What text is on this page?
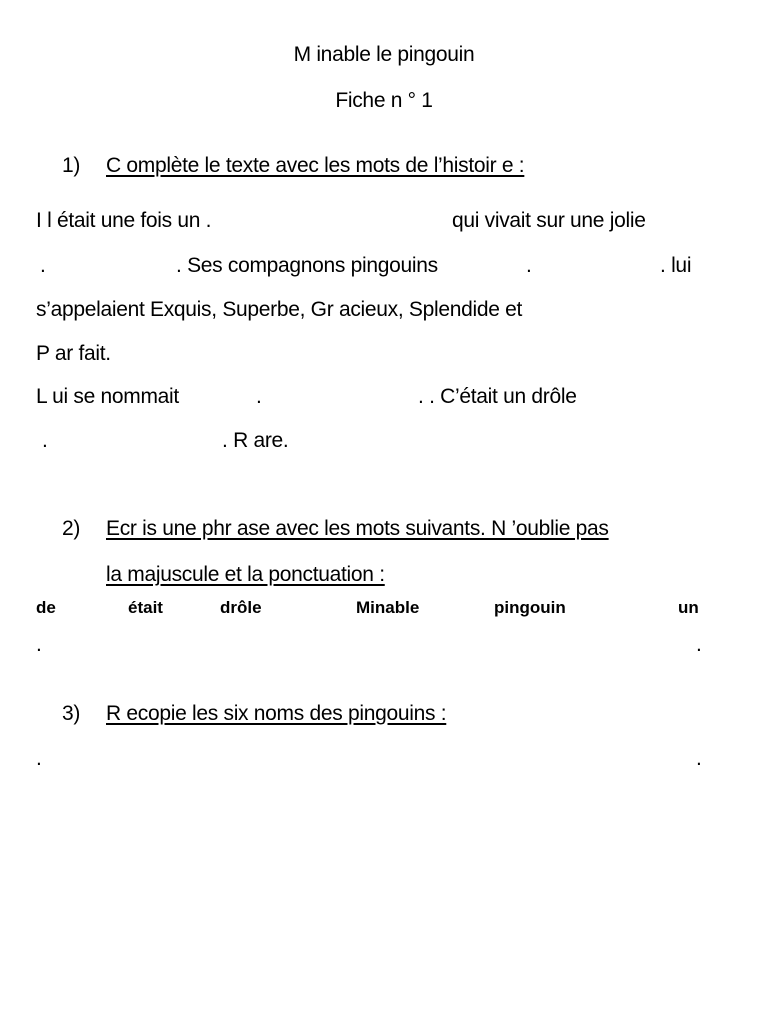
M inable le pingouin
Fiche n ° 1
1) C omplète le texte avec les mots de l’histoir e :
I l était une fois un .	qui vivait sur une jolie
.	. Ses compagnons pingouins	.	. lui
s’appelaient Exquis, Superbe, Gr acieux, Splendide et
P ar fait.
L ui se nommait	.	. . C’était un drôle
.	. R are.
2) Ecr is une phr ase avec les mots suivants. N ’oublie pas
la majuscule et la ponctuation :
de	était	drôle	Minable	pingouin	un
.	.
3) R ecopie les six noms des pingouins :
.	.
